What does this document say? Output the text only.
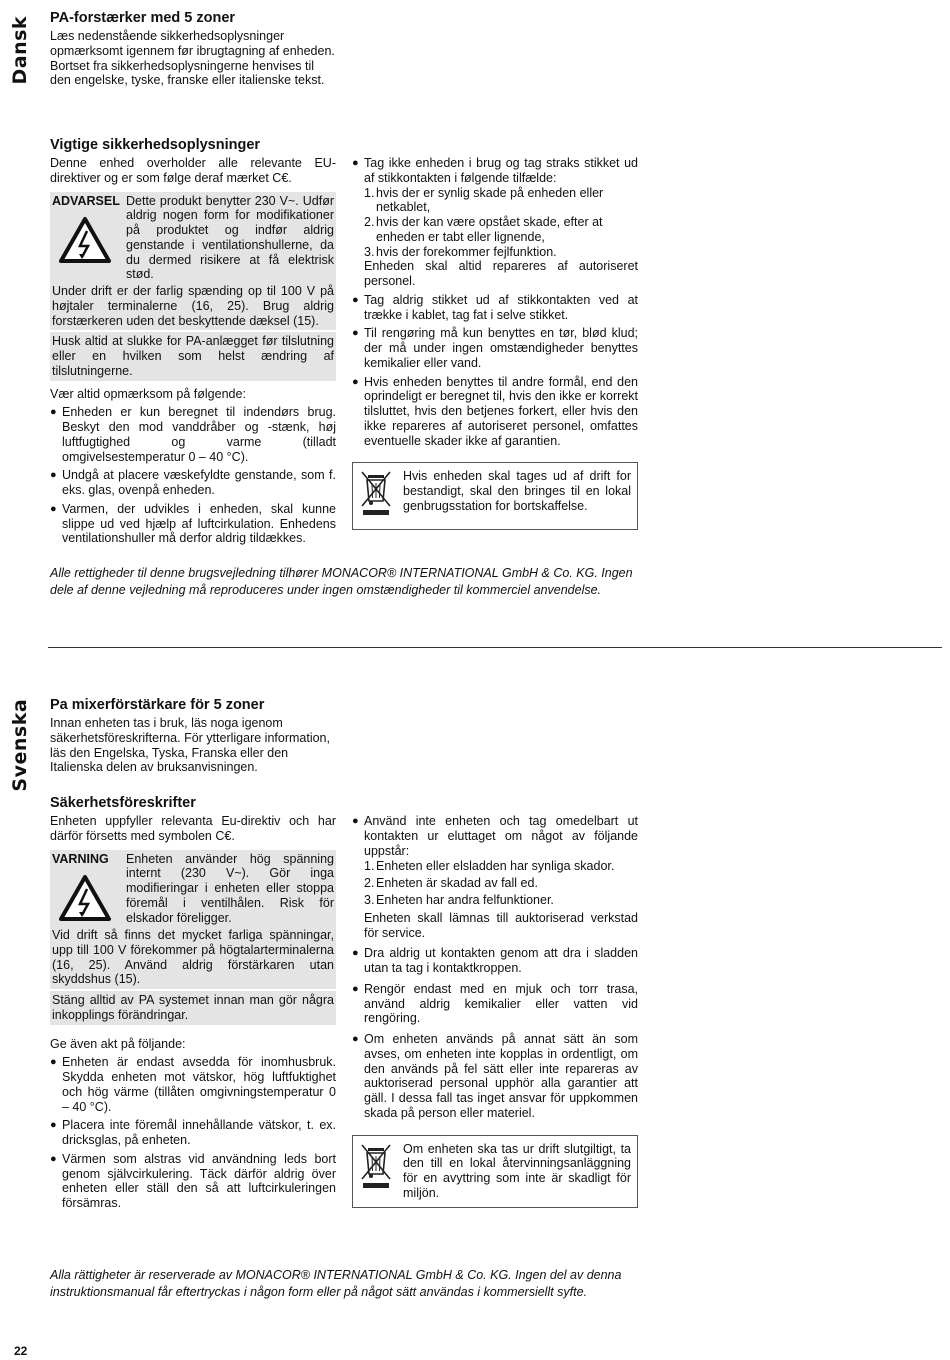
Dansk PA-forstærker med 5 zoner

Læs nedenstående sikkerhedsoplysninger opmærksomt igennem før ibrugtagning af enheden. Bortset fra sikkerhedsoplysningerne henvises til den engelske, tyske, franske eller italienske tekst.

Vigtige sikkerhedsoplysninger

Denne enhed overholder alle relevante EU-direktiver og er som følge deraf mærket C€.

ADVARSEL Dette produkt benytter 230 V~. Udfør aldrig nogen form for modifikationer på produktet og indfør aldrig genstande i ventilationshullerne, da du dermed risikere at få elektrisk stød.
Under drift er der farlig spænding op til 100 V på højtaler terminalerne (16, 25). Brug aldrig forstærkeren uden det beskyttende dæksel (15).
Husk altid at slukke for PA-anlægget før tilslutning eller en hvilken som helst ændring af tilslutningerne.

Vær altid opmærksom på følgende:

● Enheden er kun beregnet til indendørs brug. Beskyt den mod vanddråber og -stænk, høj luftfugtighed og varme (tilladt omgivelsestemperatur 0 – 40 °C).
● Undgå at placere væskefyldte genstande, som f. eks. glas, ovenpå enheden.
● Varmen, der udvikles i enheden, skal kunne slippe ud ved hjælp af luftcirkulation. Enhedens ventilationshuller må derfor aldrig tildækkes.
● Tag ikke enheden i brug og tag straks stikket ud af stikkontakten i følgende tilfælde:
1. hvis der er synlig skade på enheden eller netkablet,
2. hvis der kan være opstået skade, efter at enheden er tabt eller lignende,
3. hvis der forekommer fejlfunktion.

Enheden skal altid repareres af autoriseret personel.

● Tag aldrig stikket ud af stikkontakten ved at trække i kablet, tag fat i selve stikket.
● Til rengøring må kun benyttes en tør, blød klud; der må under ingen omstændigheder benyttes kemikalier eller vand.
● Hvis enheden benyttes til andre formål, end den oprindeligt er beregnet til, hvis den ikke er korrekt tilsluttet, hvis den betjenes forkert, eller hvis den ikke repareres af autoriseret personel, omfattes eventuelle skader ikke af garantien.
Hvis enheden skal tages ud af drift for bestandigt, skal den bringes til en lokal genbrugsstation for bortskaffelse.
Alle rettigheder til denne brugsvejledning tilhører MONACOR® INTERNATIONAL GmbH & Co. KG. Ingen dele af denne vejledning må reproduceres under ingen omstændigheder til kommerciel anvendelse.
Svenska Pa mixerförstärkare för 5 zoner

Innan enheten tas i bruk, läs noga igenom säkerhetsföreskrifterna. För ytterligare information, läs den Engelska, Tyska, Franska eller den Italienska delen av bruksanvisningen.

Säkerhetsföreskrifter

Enheten uppfyller relevanta Eu-direktiv och har därför försetts med symbolen C€.

VARNING	Enheten använder hög spänning internt (230 V~). Gör inga modifieringar i enheten eller stoppa föremål i ventilhålen. Risk för elskador föreligger.
Vid drift så finns det mycket farliga spänningar, upp till 100 V förekommer på högtalarterminalerna (16, 25). Använd aldrig förstärkaren utan skyddshus (15).
Stäng alltid av PA systemet innan man gör några inkopplings förändringar.

Ge även akt på följande:

● Enheten är endast avsedda för inomhusbruk. Skydda enheten mot vätskor, hög luftfuktighet och hög värme (tillåten omgivningstemperatur 0 – 40 °C).
● Placera inte föremål innehållande vätskor, t. ex. dricksglas, på enheten.
● Värmen som alstras vid användning leds bort genom självcirkulering. Täck därför aldrig över enheten eller ställ den så att luftcirkuleringen försämras.
● Använd inte enheten och tag omedelbart ut kontakten ur eluttaget om något av följande uppstår:
1. Enheten eller elsladden har synliga skador.
2. Enheten är skadad av fall ed.
3. Enheten har andra felfunktioner.

Enheten skall lämnas till auktoriserad verkstad för service.

● Dra aldrig ut kontakten genom att dra i sladden utan ta tag i kontaktkroppen.
● Rengör endast med en mjuk och torr trasa, använd aldrig kemikalier eller vatten vid rengöring.
● Om enheten används på annat sätt än som avses, om enheten inte kopplas in ordentligt, om den används på fel sätt eller inte repareras av auktoriserad personal upphör alla garantier att gäll. I dessa fall tas inget ansvar för uppkommen skada på person eller materiel.
Om enheten ska tas ur drift slutgiltigt, ta den till en lokal återvinningsanläggning för en avyttring som inte är skadligt för miljön.
Alla rättigheter är reserverade av MONACOR® INTERNATIONAL GmbH & Co. KG. Ingen del av denna instruktionsmanual får eftertryckas i någon form eller på något sätt användas i kommersiellt syfte.
22
